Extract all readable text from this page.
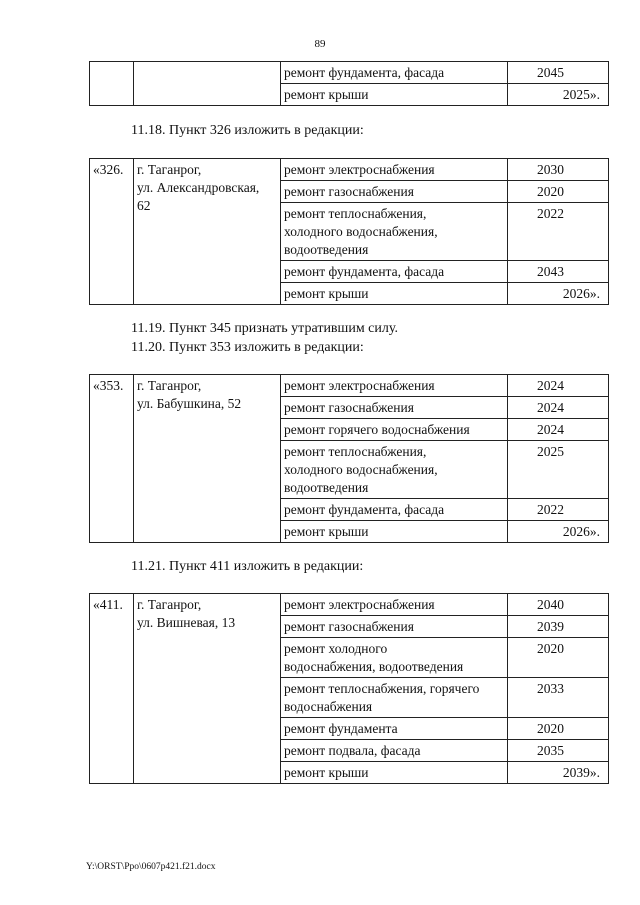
89
		ремонт фундамента, фасада	2045
		ремонт крыши	2025».

11.18. Пункт 326 изложить в редакции:

«326.	г. Таганрог,
ул. Александровская,
62	ремонт электроснабжения	2030
		ремонт газоснабжения	2020
		ремонт теплоснабжения,
холодного водоснабжения,
водоотведения	2022
		ремонт фундамента, фасада	2043
		ремонт крыши	2026».

11.19. Пункт 345 признать утратившим силу.

11.20. Пункт 353 изложить в редакции:

«353.	г. Таганрог,
ул. Бабушкина, 52	ремонт электроснабжения	2024
		ремонт газоснабжения	2024
		ремонт горячего водоснабжения	2024
		ремонт теплоснабжения,
холодного водоснабжения,
водоотведения	2025
		ремонт фундамента, фасада	2022
		ремонт крыши	2026».

11.21. Пункт 411 изложить в редакции:

«411.	г. Таганрог,
ул. Вишневая, 13	ремонт электроснабжения	2040
		ремонт газоснабжения	2039
		ремонт холодного
водоснабжения, водоотведения	2020
		ремонт теплоснабжения, горячего
водоснабжения	2033
		ремонт фундамента	2020
		ремонт подвала, фасада	2035
		ремонт крыши	2039».
Y:\ORST\Ppo\0607p421.f21.docx
